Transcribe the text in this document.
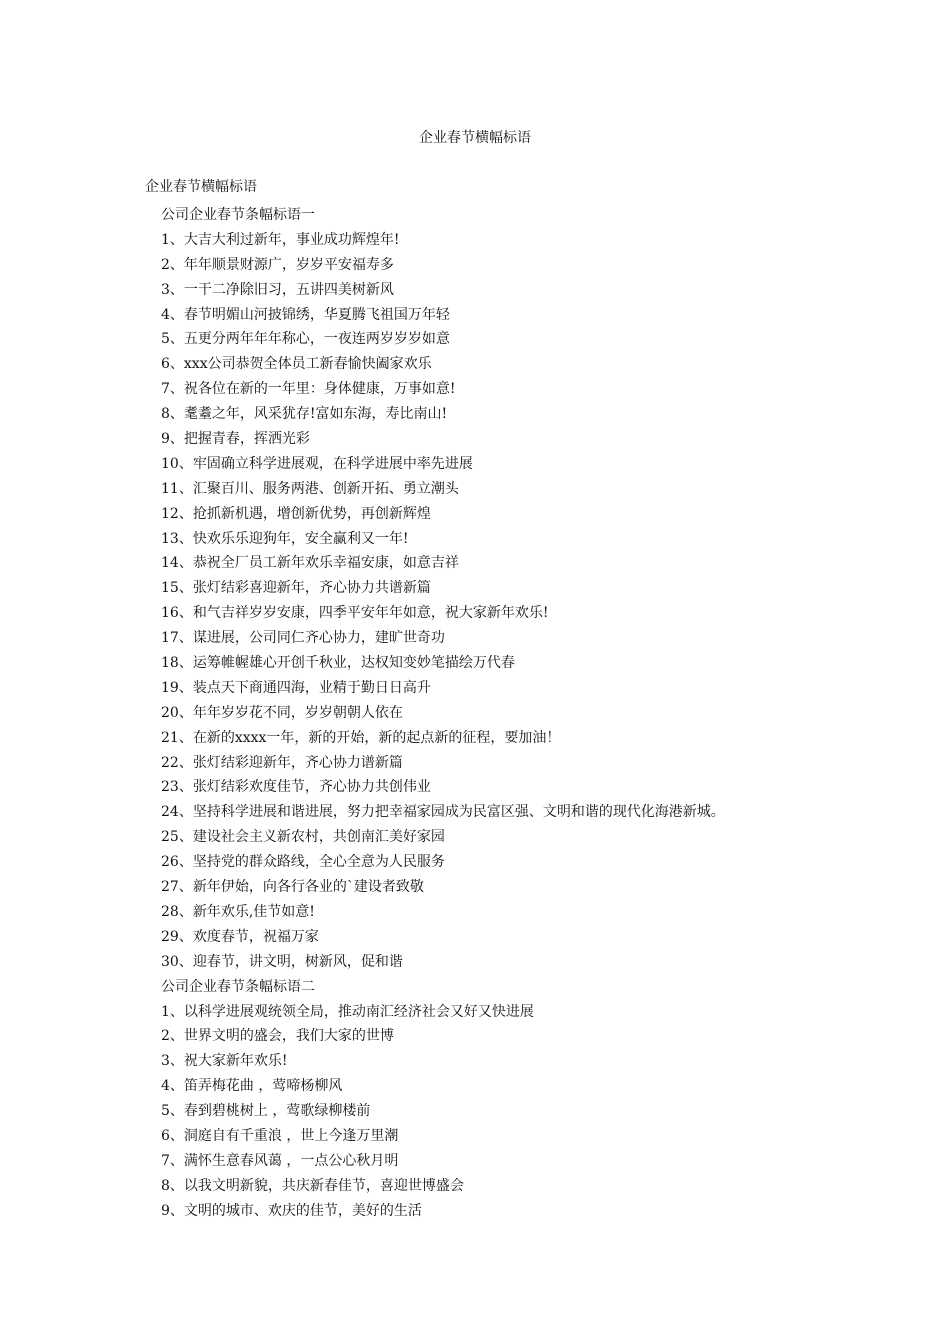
企业春节横幅标语
企业春节横幅标语
公司企业春节条幅标语一
1、大吉大利过新年，事业成功辉煌年!
2、年年顺景财源广，岁岁平安福寿多
3、一干二净除旧习，五讲四美树新风
4、春节明媚山河披锦绣，华夏腾飞祖国万年轻
5、五更分两年年年称心，一夜连两岁岁岁如意
6、xxx公司恭贺全体员工新春愉快阖家欢乐
7、祝各位在新的一年里：身体健康，万事如意!
8、耄耋之年，风采犹存!富如东海，寿比南山!
9、把握青春，挥洒光彩
10、牢固确立科学进展观，在科学进展中率先进展
11、汇聚百川、服务两港、创新开拓、勇立潮头
12、抢抓新机遇，增创新优势，再创新辉煌
13、快欢乐乐迎狗年，安全赢利又一年!
14、恭祝全厂员工新年欢乐幸福安康，如意吉祥
15、张灯结彩喜迎新年，齐心协力共谱新篇
16、和气吉祥岁岁安康，四季平安年年如意，祝大家新年欢乐!
17、谋进展，公司同仁齐心协力，建旷世奇功
18、运筹帷幄雄心开创千秋业，达权知变妙笔描绘万代春
19、装点天下商通四海，业精于勤日日高升
20、年年岁岁花不同，岁岁朝朝人依在
21、在新的xxxx一年，新的开始，新的起点新的征程，要加油！
22、张灯结彩迎新年，齐心协力谱新篇
23、张灯结彩欢度佳节，齐心协力共创伟业
24、坚持科学进展和谐进展，努力把幸福家园成为民富区强、文明和谐的现代化海港新城。
25、建设社会主义新农村，共创南汇美好家园
26、坚持党的群众路线，全心全意为人民服务
27、新年伊始，向各行各业的`建设者致敬
28、新年欢乐,佳节如意!
29、欢度春节，祝福万家
30、迎春节，讲文明，树新风，促和谐
公司企业春节条幅标语二
1、以科学进展观统领全局，推动南汇经济社会又好又快进展
2、世界文明的盛会，我们大家的世博
3、祝大家新年欢乐!
4、笛弄梅花曲 ，莺啼杨柳风
5、春到碧桃树上 ，莺歌绿柳楼前
6、洞庭自有千重浪 ，世上今逢万里潮
7、满怀生意春风蔼 ，一点公心秋月明
8、以我文明新貌，共庆新春佳节，喜迎世博盛会
9、文明的城市、欢庆的佳节，美好的生活
